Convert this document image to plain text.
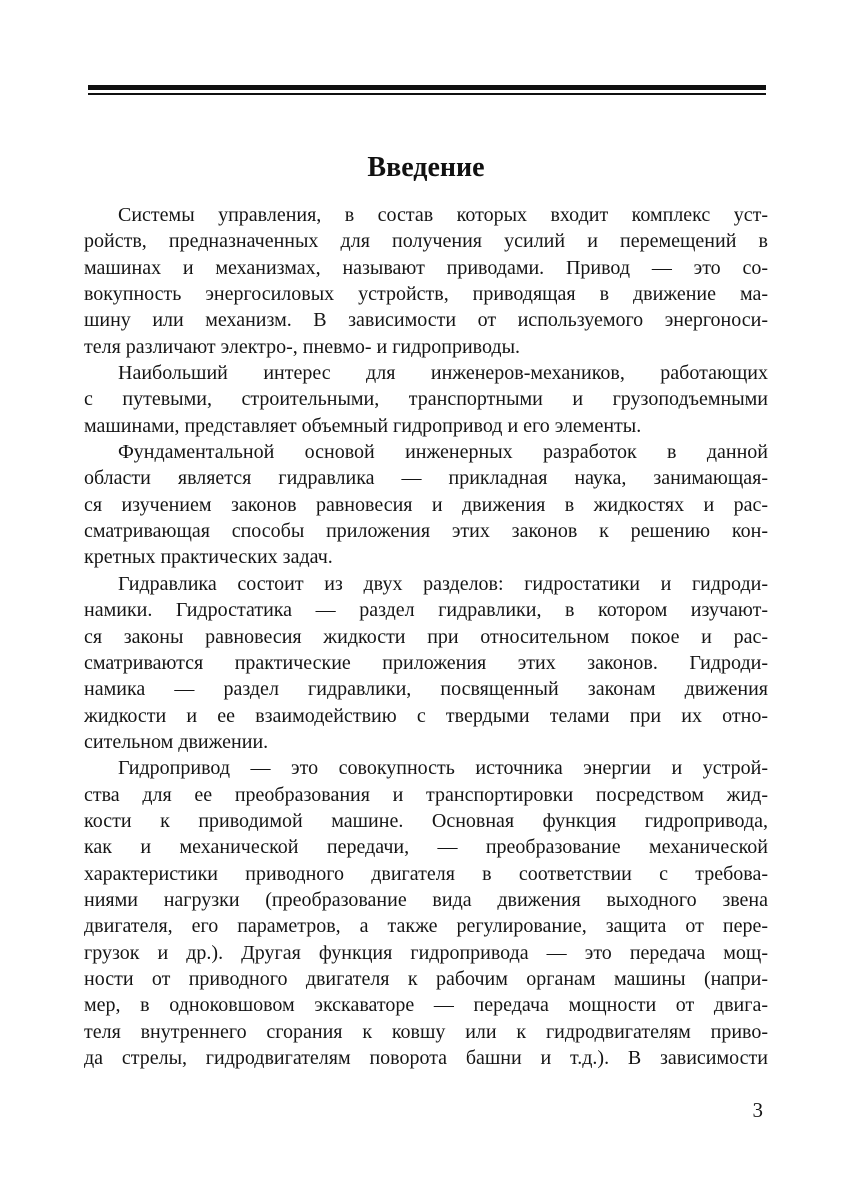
Введение
Системы управления, в состав которых входит комплекс уст-
ройств, предназначенных для получения усилий и перемещений в
машинах и механизмах, называют приводами. Привод — это со-
вокупность энергосиловых устройств, приводящая в движение ма-
шину или механизм. В зависимости от используемого энергоноси-
теля различают электро-, пневмо- и гидроприводы.
Наибольший интерес для инженеров-механиков, работающих
с путевыми, строительными, транспортными и грузоподъемными
машинами, представляет объемный гидропривод и его элементы.
Фундаментальной основой инженерных разработок в данной
области является гидравлика — прикладная наука, занимающая-
ся изучением законов равновесия и движения в жидкостях и рас-
сматривающая способы приложения этих законов к решению кон-
кретных практических задач.
Гидравлика состоит из двух разделов: гидростатики и гидроди-
намики. Гидростатика — раздел гидравлики, в котором изучают-
ся законы равновесия жидкости при относительном покое и рас-
сматриваются практические приложения этих законов. Гидроди-
намика — раздел гидравлики, посвященный законам движения
жидкости и ее взаимодействию с твердыми телами при их отно-
сительном движении.
Гидропривод — это совокупность источника энергии и устрой-
ства для ее преобразования и транспортировки посредством жид-
кости к приводимой машине. Основная функция гидропривода,
как и механической передачи, — преобразование механической
характеристики приводного двигателя в соответствии с требова-
ниями нагрузки (преобразование вида движения выходного звена
двигателя, его параметров, а также регулирование, защита от пере-
грузок и др.). Другая функция гидропривода — это передача мощ-
ности от приводного двигателя к рабочим органам машины (напри-
мер, в одноковшовом экскаваторе — передача мощности от двига-
теля внутреннего сгорания к ковшу или к гидродвигателям приво-
да стрелы, гидродвигателям поворота башни и т.д.). В зависимости
3
